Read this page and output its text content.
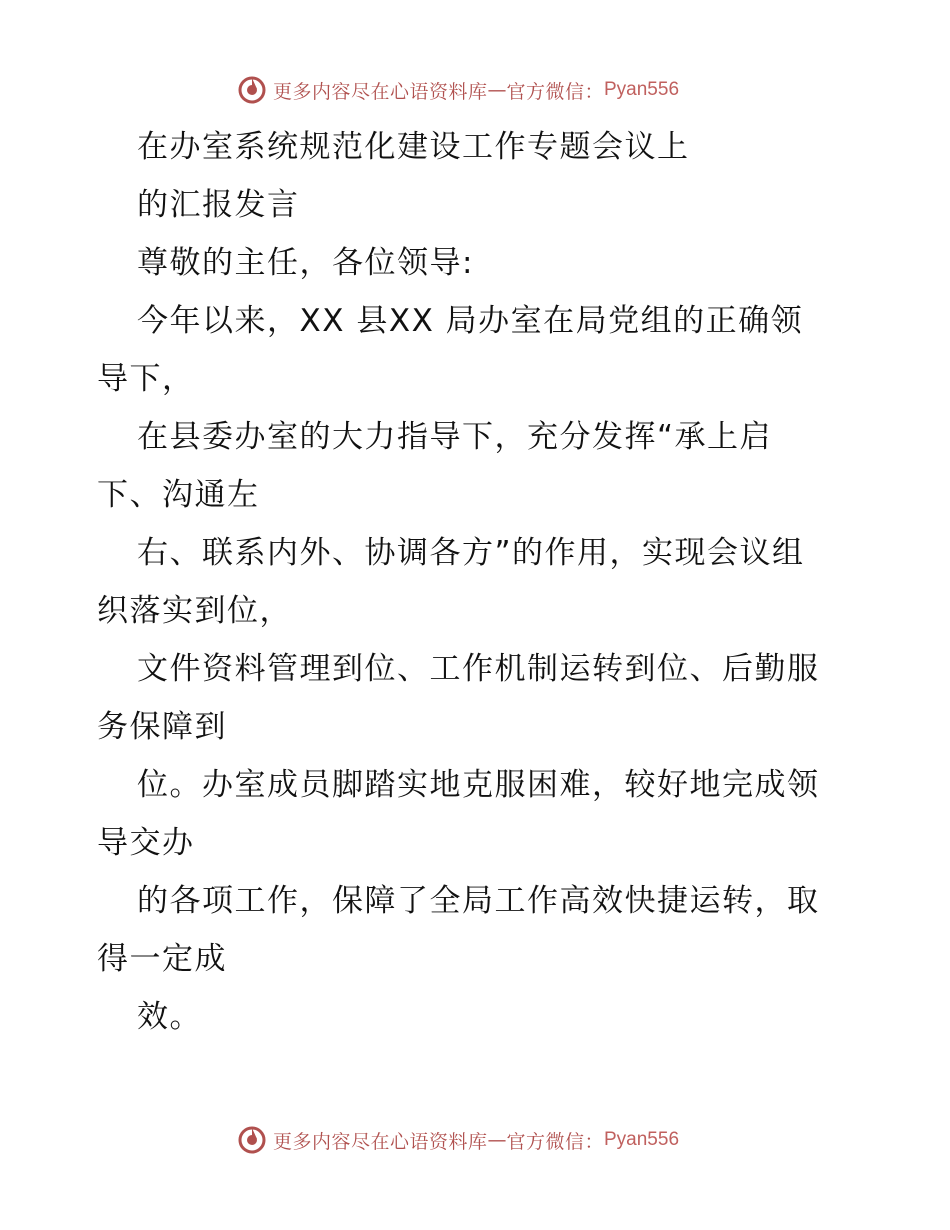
更多内容尽在心语资料库 — 官方微信： Pyan556
在办室系统规范化建设工作专题会议上
的汇报发言
尊敬的主任，各位领导:
今年以来，XX 县XX 局办室在局党组的正确领
导下，
在县委办室的大力指导下，充分发挥“承上启
下、沟通左
右、联系内外、协调各方”的作用，实现会议组
织落实到位，
文件资料管理到位、工作机制运转到位、后勤服
务保障到
位。办室成员脚踏实地克服困难，较好地完成领
导交办
的各项工作，保障了全局工作高效快捷运转，取
得一定成
效。
更多内容尽在心语资料库 — 官方微信： Pyan556
